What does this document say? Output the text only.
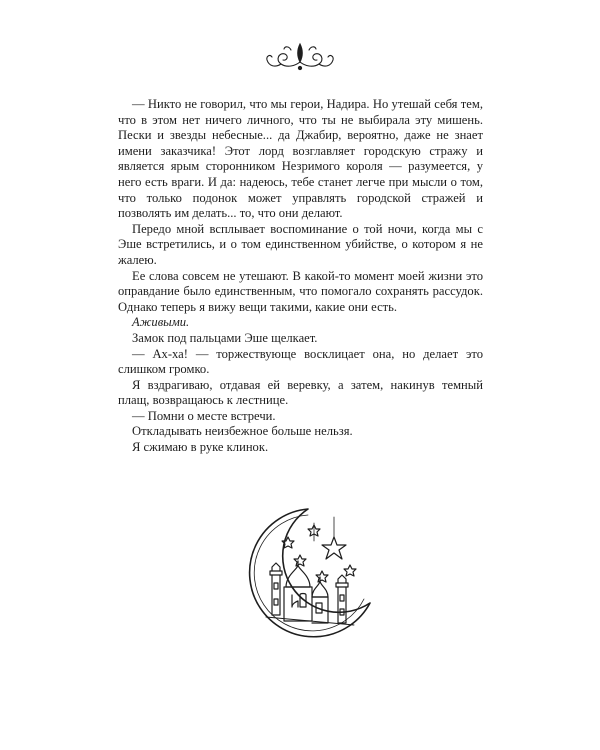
— Никто не говорил, что мы герои, Надира. Но утешай себя тем, что в этом нет ничего личного, что ты не выбирала эту мишень. Пески и звезды небесные... да Джабир, вероятно, даже не знает имени заказчика! Этот лорд возглавляет городскую стражу и является ярым сторонником Незримого короля — разумеется, у него есть враги. И да: надеюсь, тебе станет легче при мысли о том, что только подонок может управлять городской стражей и позволять им делать... то, что они делают.

Передо мной всплывает воспоминание о той ночи, когда мы с Эше встретились, и о том единственном убийстве, о котором я не жалею.

Ее слова совсем не утешают. В какой-то момент моей жизни это оправдание было единственным, что помогало сохранять рассудок. Однако теперь я вижу вещи такими, какие они есть.

Аживыми.

Замок под пальцами Эше щелкает.

— Ах-ха! — торжествующе восклицает она, но делает это слишком громко.

Я вздрагиваю, отдавая ей веревку, а затем, накинув темный плащ, возвращаюсь к лестнице.

— Помни о месте встречи.

Откладывать неизбежное больше нельзя.

Я сжимаю в руке клинок.
